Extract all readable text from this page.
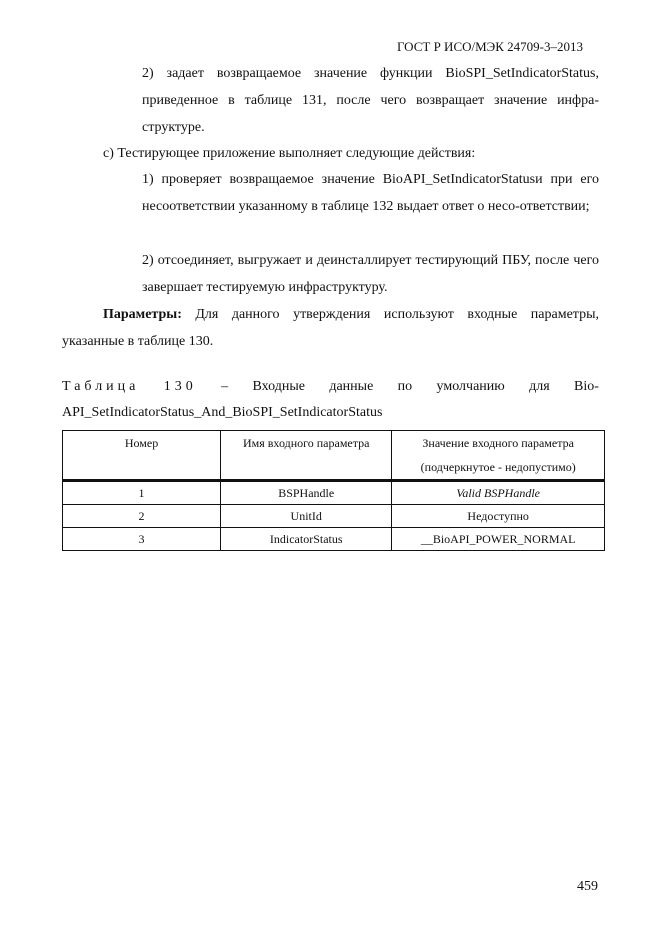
ГОСТ Р ИСО/МЭК 24709-3–2013
2) задает возвращаемое значение функции BioSPI_SetIndicatorStatus, приведенное в таблице 131, после чего возвращает значение инфра-структуре.
c) Тестирующее приложение выполняет следующие действия:
1) проверяет возвращаемое значение BioAPI_SetIndicatorStatusи при его несоответствии указанному в таблице 132 выдает ответ о несо-ответствии;
2) отсоединяет, выгружает и деинсталлирует тестирующий ПБУ, после чего завершает тестируемую инфраструктуру.
Параметры: Для данного утверждения используют входные параметры, указанные в таблице 130.
Таблица 130 – Входные данные по умолчанию для Bio-
API_SetIndicatorStatus_And_BioSPI_SetIndicatorStatus
Номер	Имя входного параметра	Значение входного параметра
(подчеркнутое - недопустимо)
1	BSPHandle	Valid BSPHandle
2	UnitId	Недоступно
3	IndicatorStatus	__BioAPI_POWER_NORMAL
459
